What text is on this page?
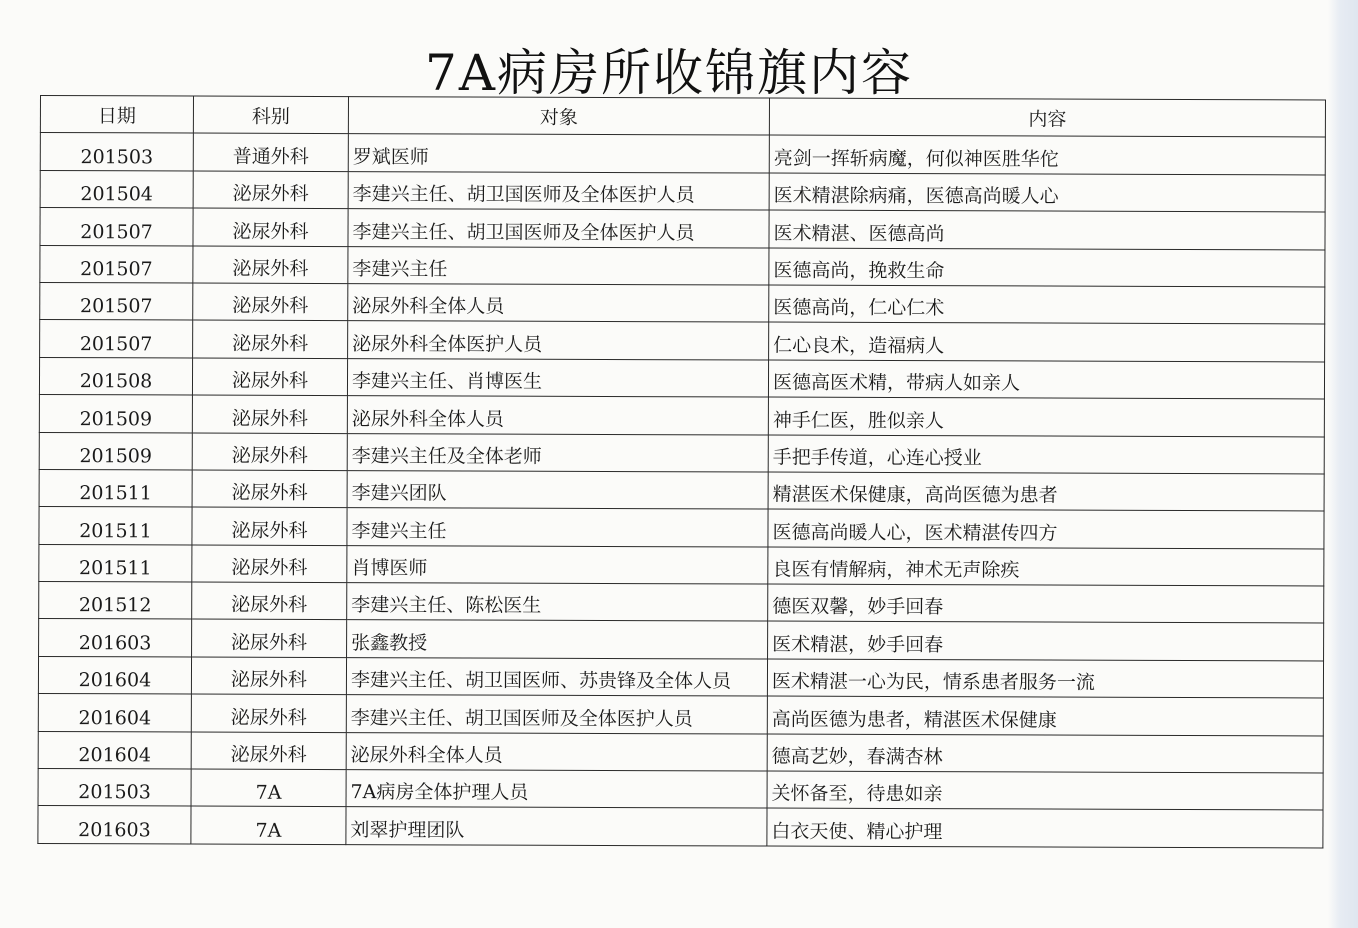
7A病房所收锦旗内容
日期	科别	对象	内容
201503	普通外科	罗斌医师	亮剑一挥斩病魔，何似神医胜华佗
201504	泌尿外科	李建兴主任、胡卫国医师及全体医护人员	医术精湛除病痛，医德高尚暖人心
201507	泌尿外科	李建兴主任、胡卫国医师及全体医护人员	医术精湛、医德高尚
201507	泌尿外科	李建兴主任	医德高尚，挽救生命
201507	泌尿外科	泌尿外科全体人员	医德高尚，仁心仁术
201507	泌尿外科	泌尿外科全体医护人员	仁心良术，造福病人
201508	泌尿外科	李建兴主任、肖博医生	医德高医术精，带病人如亲人
201509	泌尿外科	泌尿外科全体人员	神手仁医，胜似亲人
201509	泌尿外科	李建兴主任及全体老师	手把手传道，心连心授业
201511	泌尿外科	李建兴团队	精湛医术保健康，高尚医德为患者
201511	泌尿外科	李建兴主任	医德高尚暖人心，医术精湛传四方
201511	泌尿外科	肖博医师	良医有情解病，神术无声除疾
201512	泌尿外科	李建兴主任、陈松医生	德医双馨，妙手回春
201603	泌尿外科	张鑫教授	医术精湛，妙手回春
201604	泌尿外科	李建兴主任、胡卫国医师、苏贵锋及全体人员	医术精湛一心为民，情系患者服务一流
201604	泌尿外科	李建兴主任、胡卫国医师及全体医护人员	高尚医德为患者，精湛医术保健康
201604	泌尿外科	泌尿外科全体人员	德高艺妙，春满杏林
201503	7A	7A病房全体护理人员	关怀备至，待患如亲
201603	7A	刘翠护理团队	白衣天使、精心护理
